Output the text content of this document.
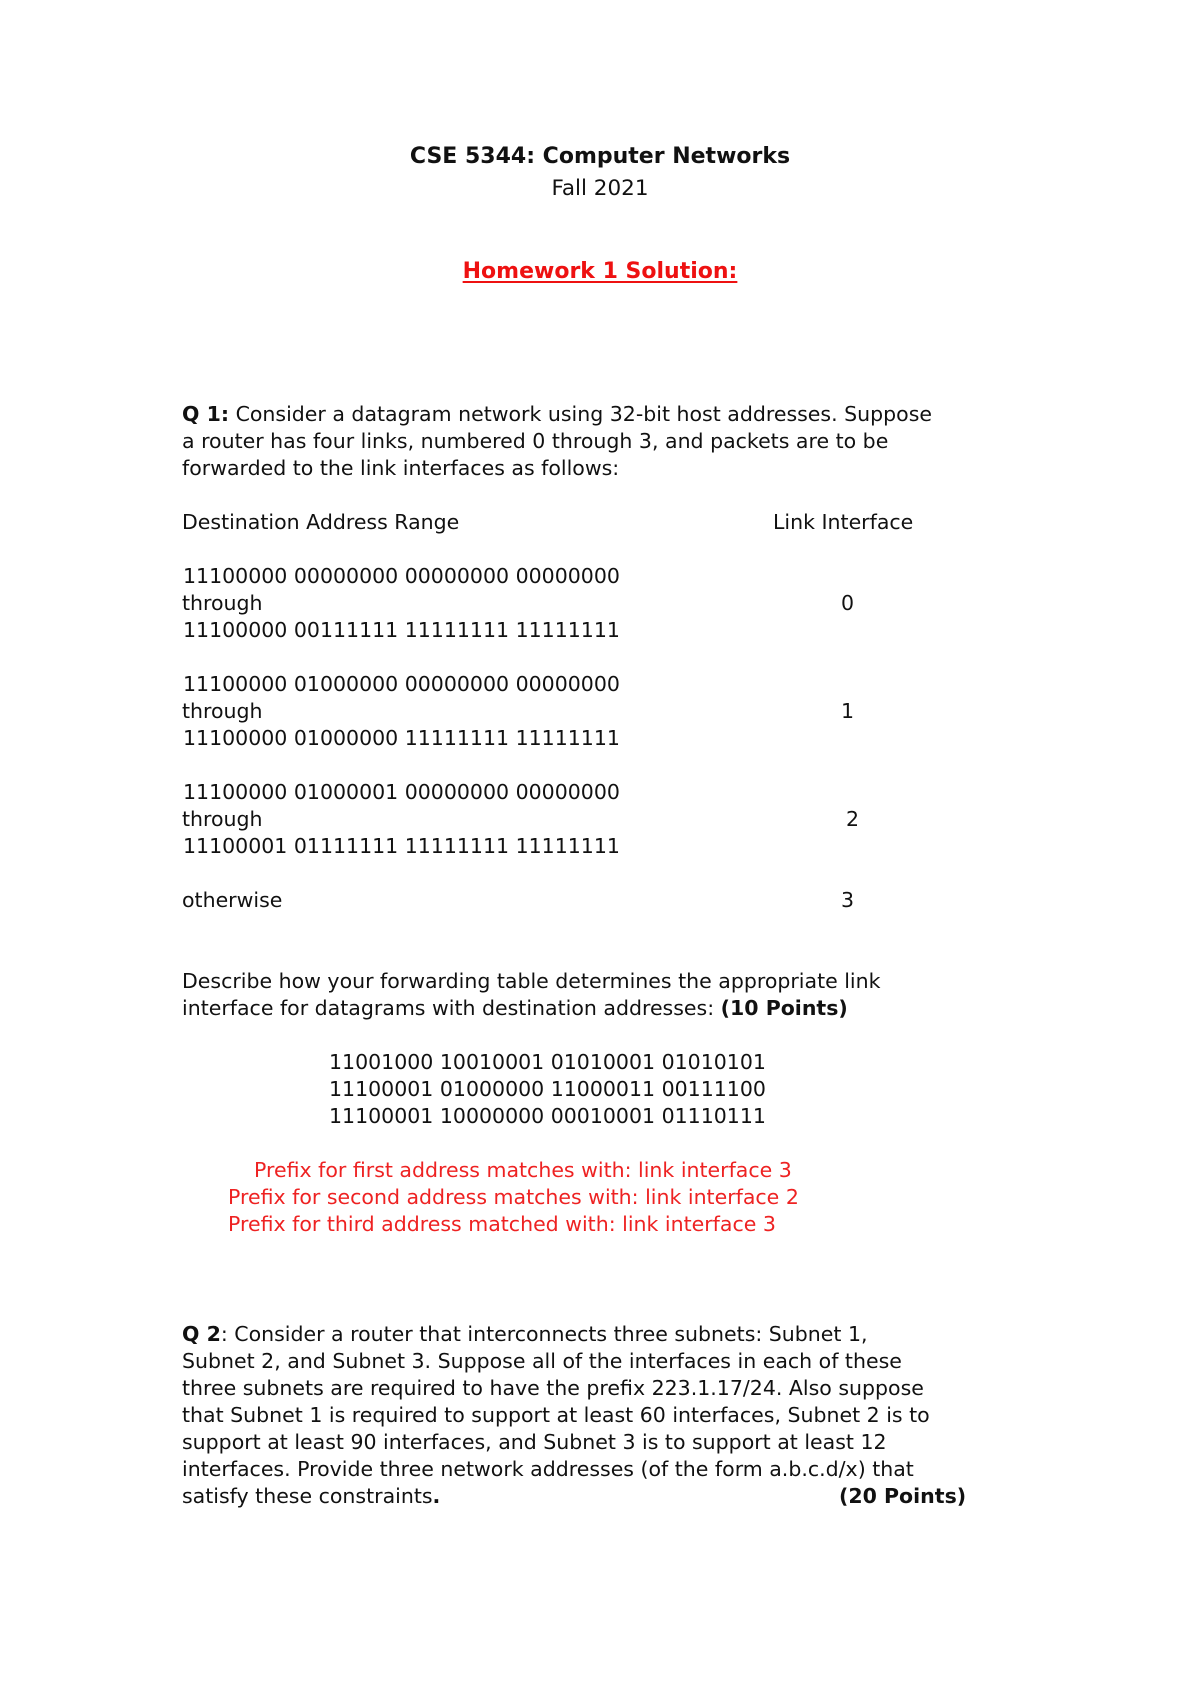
CSE 5344: Computer Networks
Fall 2021
Homework 1 Solution:
Q 1: Consider a datagram network using 32-bit host addresses. Suppose
a router has four links, numbered 0 through 3, and packets are to be
forwarded to the link interfaces as follows:
Destination Address Range	Link Interface
11100000 00000000 00000000 00000000
through	0
11100000 00111111 11111111 11111111
11100000 01000000 00000000 00000000
through	1
11100000 01000000 11111111 11111111
11100000 01000001 00000000 00000000
through	2
11100001 01111111 11111111 11111111
otherwise	3
Describe how your forwarding table determines the appropriate link
interface for datagrams with destination addresses: (10 Points)
11001000 10010001 01010001 01010101
11100001 01000000 11000011 00111100
11100001 10000000 00010001 01110111
Prefix for first address matches with: link interface 3
Prefix for second address matches with: link interface 2
Prefix for third address matched with: link interface 3
Q 2: Consider a router that interconnects three subnets: Subnet 1,
Subnet 2, and Subnet 3. Suppose all of the interfaces in each of these
three subnets are required to have the prefix 223.1.17/24. Also suppose
that Subnet 1 is required to support at least 60 interfaces, Subnet 2 is to
support at least 90 interfaces, and Subnet 3 is to support at least 12
interfaces. Provide three network addresses (of the form a.b.c.d/x) that
satisfy these constraints.	(20 Points)
